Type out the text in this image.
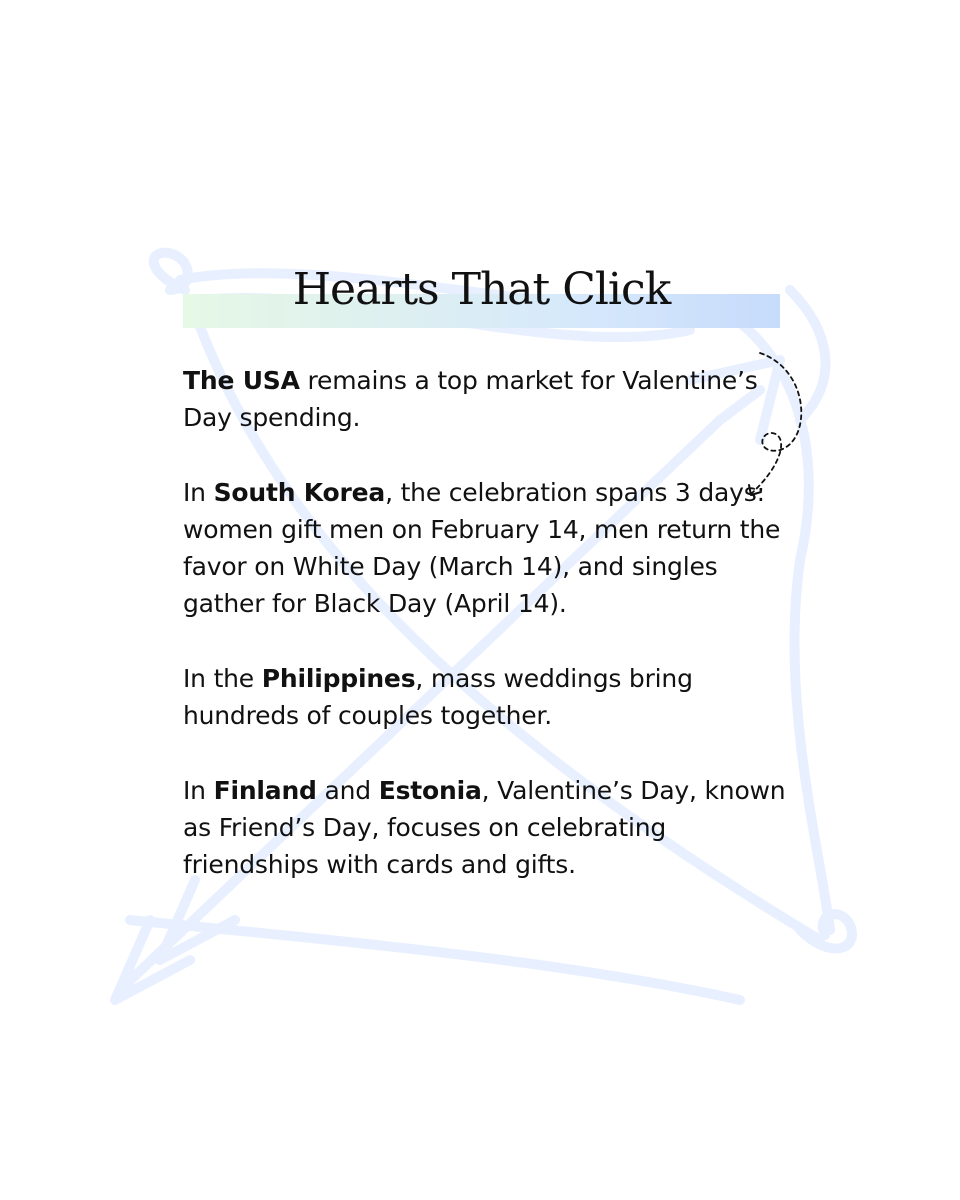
Hearts That Click

The USA remains a top market for Valentine’s Day spending.

In South Korea, the celebration spans 3 days: women gift men on February 14, men return the favor on White Day (March 14), and singles gather for Black Day (April 14).

In the Philippines, mass weddings bring hundreds of couples together.

In Finland and Estonia, Valentine’s Day, known as Friend’s Day, focuses on celebrating friendships with cards and gifts.
